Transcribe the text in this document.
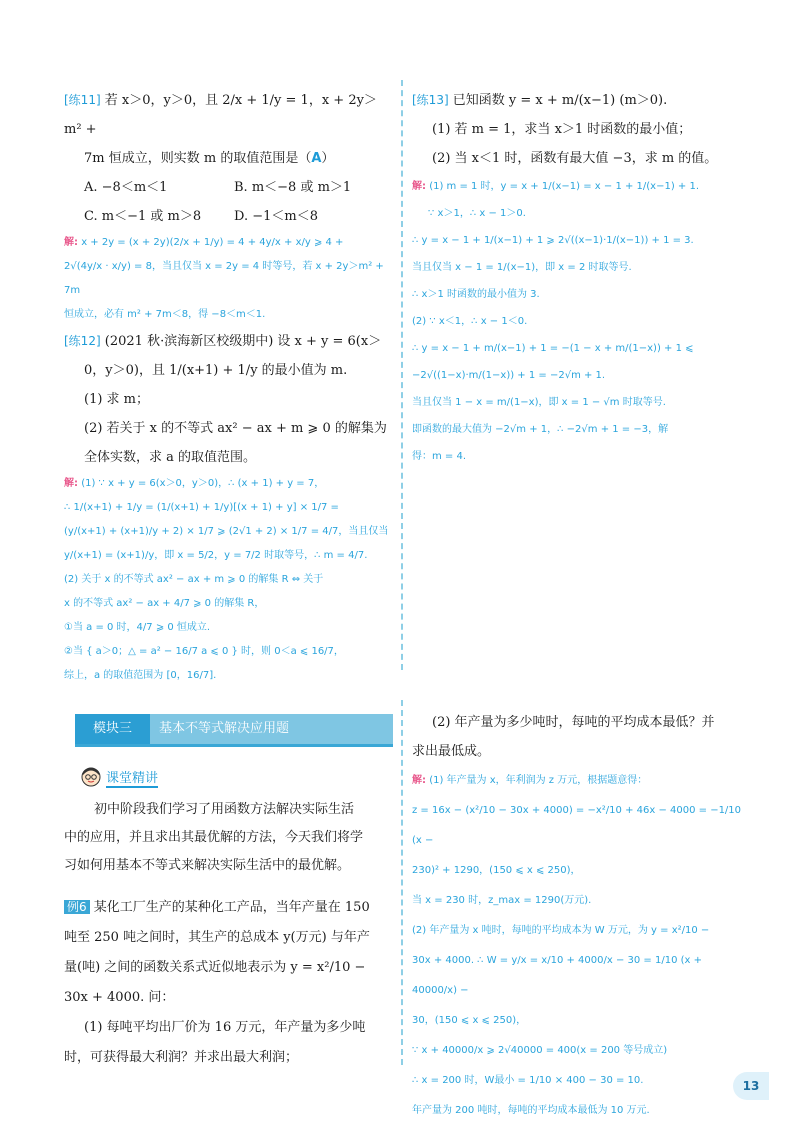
[练11] 若 x＞0，y＞0，且 2/x + 1/y = 1，x + 2y＞m² +

7m 恒成立，则实数 m 的取值范围是（A）

A. −8＜m＜1	B. m＜−8 或 m＞1
C. m＜−1 或 m＞8	D. −1＜m＜8

解: x + 2y = (x + 2y)(2/x + 1/y) = 4 + 4y/x + x/y ⩾ 4 +

2√(4y/x · x/y) = 8，当且仅当 x = 2y = 4 时等号，若 x + 2y＞m² + 7m

恒成立，必有 m² + 7m＜8，得 −8＜m＜1.

[练12] (2021 秋·滨海新区校级期中) 设 x + y = 6(x＞

0，y＞0)，且 1/(x+1) + 1/y 的最小值为 m.

(1) 求 m；

(2) 若关于 x 的不等式 ax² − ax + m ⩾ 0 的解集为

全体实数，求 a 的取值范围。

解: (1) ∵ x + y = 6(x＞0，y＞0)，∴ (x + 1) + y = 7，

∴ 1/(x+1) + 1/y = (1/(x+1) + 1/y)[(x + 1) + y] × 1/7 =

(y/(x+1) + (x+1)/y + 2) × 1/7 ⩾ (2√1 + 2) × 1/7 = 4/7，当且仅当

y/(x+1) = (x+1)/y，即 x = 5/2，y = 7/2 时取等号，∴ m = 4/7.

(2) 关于 x 的不等式 ax² − ax + m ⩾ 0 的解集 R ⇔ 关于

x 的不等式 ax² − ax + 4/7 ⩾ 0 的解集 R，

①当 a = 0 时，4/7 ⩾ 0 恒成立.

②当 { a＞0；△ = a² − 16/7 a ⩽ 0 } 时，则 0＜a ⩽ 16/7，

综上，a 的取值范围为 [0，16/7].

[练13] 已知函数 y = x + m/(x−1) (m＞0).

(1) 若 m = 1，求当 x＞1 时函数的最小值；

(2) 当 x＜1 时，函数有最大值 −3，求 m 的值。

解: (1) m = 1 时，y = x + 1/(x−1) = x − 1 + 1/(x−1) + 1.

∵ x＞1，∴ x − 1＞0.

∴ y = x − 1 + 1/(x−1) + 1 ⩾ 2√((x−1)·1/(x−1)) + 1 = 3.

当且仅当 x − 1 = 1/(x−1)，即 x = 2 时取等号.

∴ x＞1 时函数的最小值为 3.

(2) ∵ x＜1，∴ x − 1＜0.

∴ y = x − 1 + m/(x−1) + 1 = −(1 − x + m/(1−x)) + 1 ⩽

−2√((1−x)·m/(1−x)) + 1 = −2√m + 1.

当且仅当 1 − x = m/(1−x)，即 x = 1 − √m 时取等号.

即函数的最大值为 −2√m + 1，∴ −2√m + 1 = −3，解

得：m = 4.

模块三	基本不等式解决应用题
课堂精讲

初中阶段我们学习了用函数方法解决实际生活

中的应用，并且求出其最优解的方法，今天我们将学

习如何用基本不等式来解决实际生活中的最优解。

例6 某化工厂生产的某种化工产品，当年产量在 150

吨至 250 吨之间时，其生产的总成本 y(万元) 与年产

量(吨) 之间的函数关系式近似地表示为 y = x²/10 −

30x + 4000. 问：

(1) 每吨平均出厂价为 16 万元，年产量为多少吨

时，可获得最大利润？并求出最大利润；

(2) 年产量为多少吨时，每吨的平均成本最低？并

求出最低成。

解: (1) 年产量为 x，年利润为 z 万元，根据题意得：

z = 16x − (x²/10 − 30x + 4000) = −x²/10 + 46x − 4000 = −1/10 (x −

230)² + 1290，(150 ⩽ x ⩽ 250)，

当 x = 230 时，z_max = 1290(万元).

(2) 年产量为 x 吨时，每吨的平均成本为 W 万元，为 y = x²/10 −

30x + 4000. ∴ W = y/x = x/10 + 4000/x − 30 = 1/10 (x + 40000/x) −

30，(150 ⩽ x ⩽ 250)，

∵ x + 40000/x ⩾ 2√40000 = 400(x = 200 等号成立)

∴ x = 200 时，W最小 = 1/10 × 400 − 30 = 10.

年产量为 200 吨时，每吨的平均成本最低为 10 万元.

13
